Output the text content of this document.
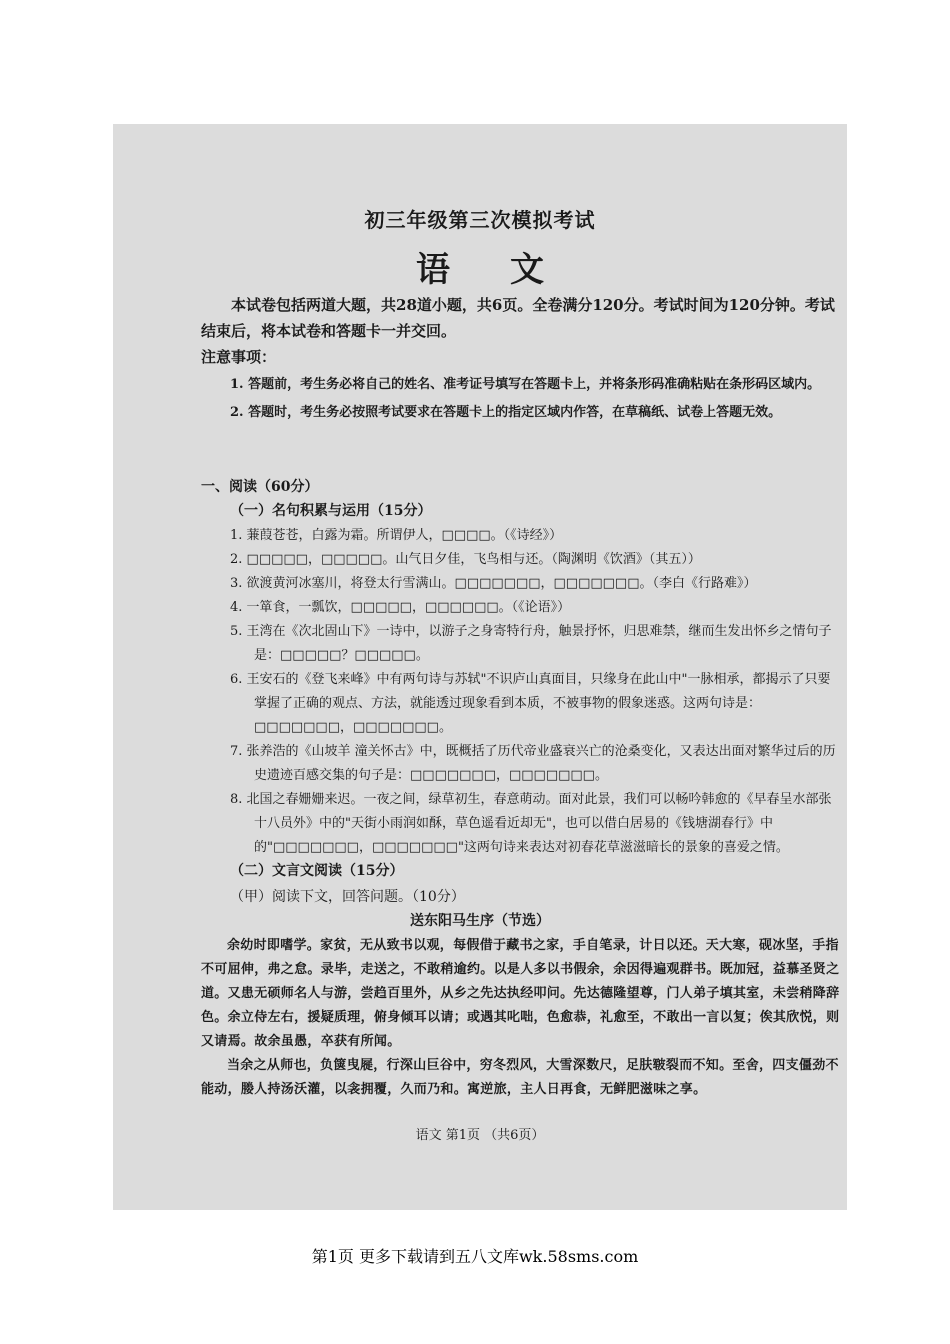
初三年级第三次模拟考试
语文

本试卷包括两道大题，共28道小题，共6页。全卷满分120分。考试时间为120分钟。考试结束后，将本试卷和答题卡一并交回。

注意事项：

1. 答题前，考生务必将自己的姓名、准考证号填写在答题卡上，并将条形码准确粘贴在条形码区域内。

2. 答题时，考生务必按照考试要求在答题卡上的指定区域内作答，在草稿纸、试卷上答题无效。

一、阅读（60分）
（一）名句积累与运用（15分）

1. 蒹葭苍苍，白露为霜。所谓伊人，□□□□。（《诗经》）

2. □□□□□，□□□□□。山气日夕佳，飞鸟相与还。（陶渊明《饮酒》（其五））

3. 欲渡黄河冰塞川，将登太行雪满山。□□□□□□□，□□□□□□□。（李白《行路难》）

4. 一箪食，一瓢饮，□□□□□，□□□□□□。（《论语》）

5. 王湾在《次北固山下》一诗中，以游子之身寄特行舟，触景抒怀，归思难禁，继而生发出怀乡之情句子是：□□□□□？□□□□□。

6. 王安石的《登飞来峰》中有两句诗与苏轼"不识庐山真面目，只缘身在此山中"一脉相承，都揭示了只要掌握了正确的观点、方法，就能透过现象看到本质，不被事物的假象迷惑。这两句诗是：□□□□□□□，□□□□□□□。

7. 张养浩的《山坡羊 潼关怀古》中，既概括了历代帝业盛衰兴亡的沧桑变化，又表达出面对繁华过后的历史遗迹百感交集的句子是：□□□□□□□，□□□□□□□。

8. 北国之春姗姗来迟。一夜之间，绿草初生，春意萌动。面对此景，我们可以畅吟韩愈的《早春呈水部张十八员外》中的"天街小雨润如酥，草色遥看近却无"，也可以借白居易的《钱塘湖春行》中的"□□□□□□□，□□□□□□□"这两句诗来表达对初春花草滋滋暗长的景象的喜爱之情。

（二）文言文阅读（15分）
（甲）阅读下文，回答问题。（10分）
送东阳马生序（节选）

余幼时即嗜学。家贫，无从致书以观，每假借于藏书之家，手自笔录，计日以还。天大寒，砚冰坚，手指不可屈伸，弗之怠。录毕，走送之，不敢稍逾约。以是人多以书假余，余因得遍观群书。既加冠，益慕圣贤之道。又患无硕师名人与游，尝趋百里外，从乡之先达执经叩问。先达德隆望尊，门人弟子填其室，未尝稍降辞色。余立侍左右，援疑质理，俯身倾耳以请；或遇其叱咄，色愈恭，礼愈至，不敢出一言以复；俟其欣悦，则又请焉。故余虽愚，卒获有所闻。

当余之从师也，负箧曳屣，行深山巨谷中，穷冬烈风，大雪深数尺，足肤皲裂而不知。至舍，四支僵劲不能动，媵人持汤沃灌，以衾拥覆，久而乃和。寓逆旅，主人日再食，无鲜肥滋味之享。

语文 第1页 （共6页）
第1页 更多下载请到五八文库wk.58sms.com
